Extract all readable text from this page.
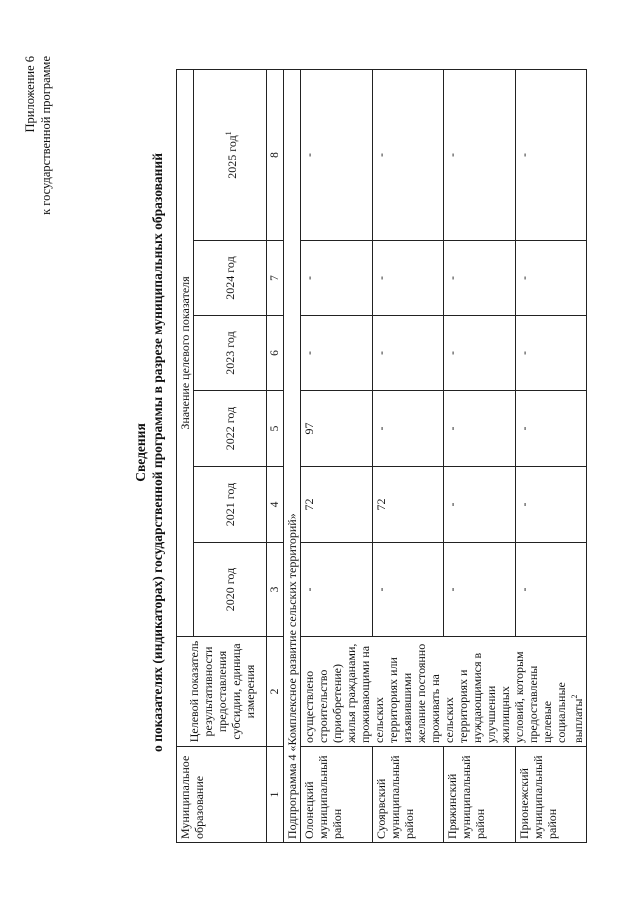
Приложение 6 к государственной программе
Сведения о показателях (индикаторах) государственной программы в разрезе муниципальных образований
Муниципальное образование	Целевой показатель результативности предоставления субсидии, единица измерения	Значение целевого показателя					
		2020 год	2021 год	2022 год	2023 год	2024 год	2025 год$^1$
1	2	3	4	5	6	7	8
Подпрограмма 4 «Комплексное развитие сельских территорий»							
Олонецкий муниципальный район	осуществлено строительство (приобретение) жилья гражданами, проживающими на сельских территориях или изъявившими желание постоянно проживать на сельских территориях и нуждающимися в улучшении жилищных условий, которым предоставлены целевые социальные выплаты$^2$	-	72	97	-	-	-
Суоярвский муниципальный район		-	72	-	-	-	-
Пряжинский муниципальный район		-	-	-	-	-	-
Прионежский муниципальный район		-	-	-	-	-	-
